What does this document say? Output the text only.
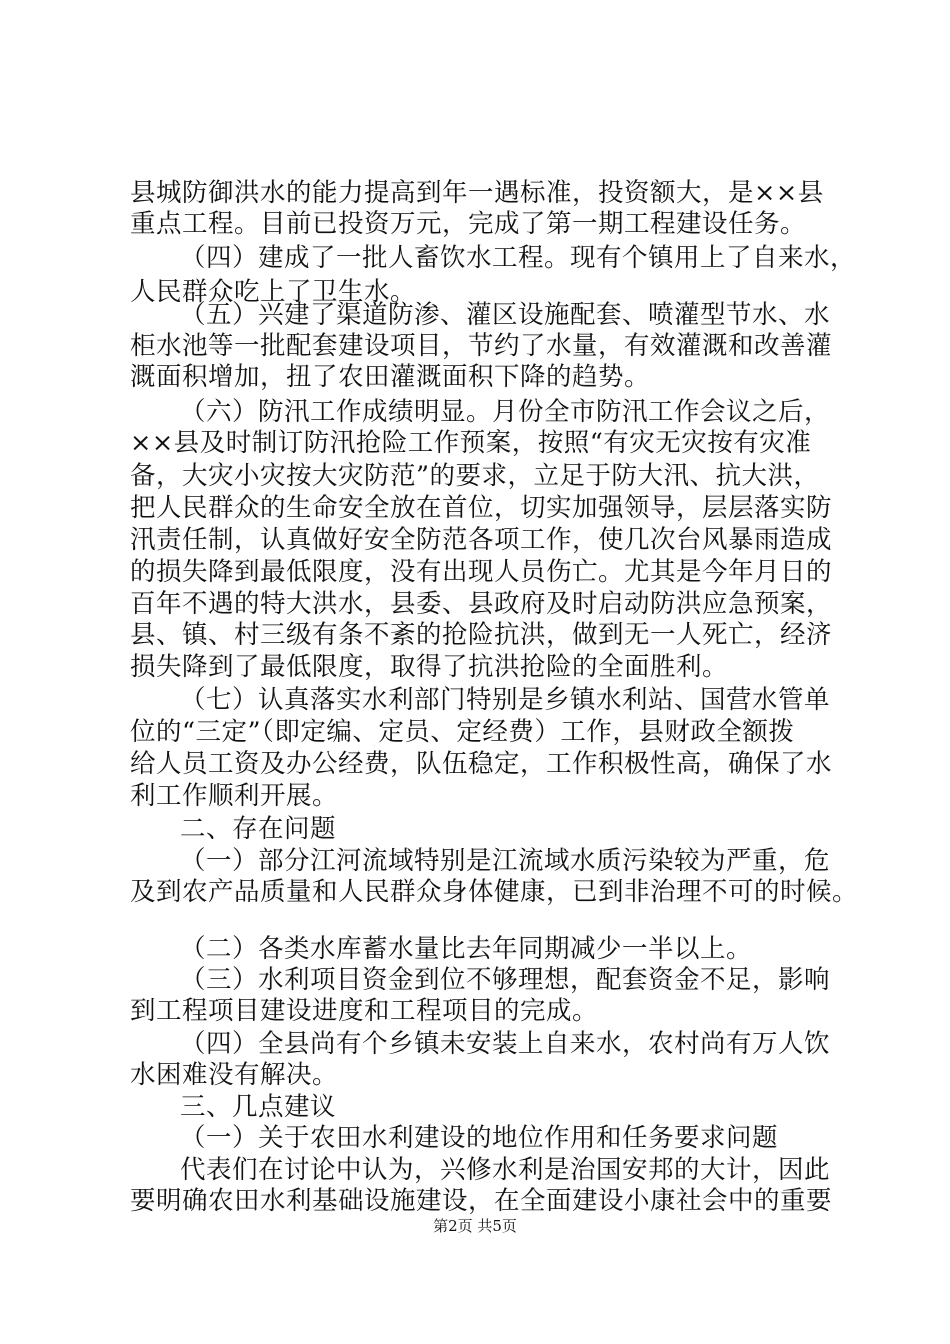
县城防御洪水的能力提高到年一遇标准，投资额大，是××县
重点工程。目前已投资万元，完成了第一期工程建设任务。
（四）建成了一批人畜饮水工程。现有个镇用上了自来水，
人民群众吃上了卫生水。
（五）兴建了渠道防渗、灌区设施配套、喷灌型节水、水
柜水池等一批配套建设项目，节约了水量，有效灌溉和改善灌
溉面积增加，扭了农田灌溉面积下降的趋势。
（六）防汛工作成绩明显。月份全市防汛工作会议之后，
××县及时制订防汛抢险工作预案，按照“有灾无灾按有灾准
备，大灾小灾按大灾防范”的要求，立足于防大汛、抗大洪，
把人民群众的生命安全放在首位，切实加强领导，层层落实防
汛责任制，认真做好安全防范各项工作，使几次台风暴雨造成
的损失降到最低限度，没有出现人员伤亡。尤其是今年月日的
百年不遇的特大洪水，县委、县政府及时启动防洪应急预案，
县、镇、村三级有条不紊的抢险抗洪，做到无一人死亡，经济
损失降到了最低限度，取得了抗洪抢险的全面胜利。
（七）认真落实水利部门特别是乡镇水利站、国营水管单
位的“三定”（即定编、定员、定经费）工作，县财政全额拨
给人员工资及办公经费，队伍稳定，工作积极性高，确保了水
利工作顺利开展。
二、存在问题
（一）部分江河流域特别是江流域水质污染较为严重，危
及到农产品质量和人民群众身体健康，已到非治理不可的时候。
（二）各类水库蓄水量比去年同期减少一半以上。
（三）水利项目资金到位不够理想，配套资金不足，影响
到工程项目建设进度和工程项目的完成。
（四）全县尚有个乡镇未安装上自来水，农村尚有万人饮
水困难没有解决。
三、几点建议
（一）关于农田水利建设的地位作用和任务要求问题
代表们在讨论中认为，兴修水利是治国安邦的大计，因此
要明确农田水利基础设施建设，在全面建设小康社会中的重要
第2页 共5页
